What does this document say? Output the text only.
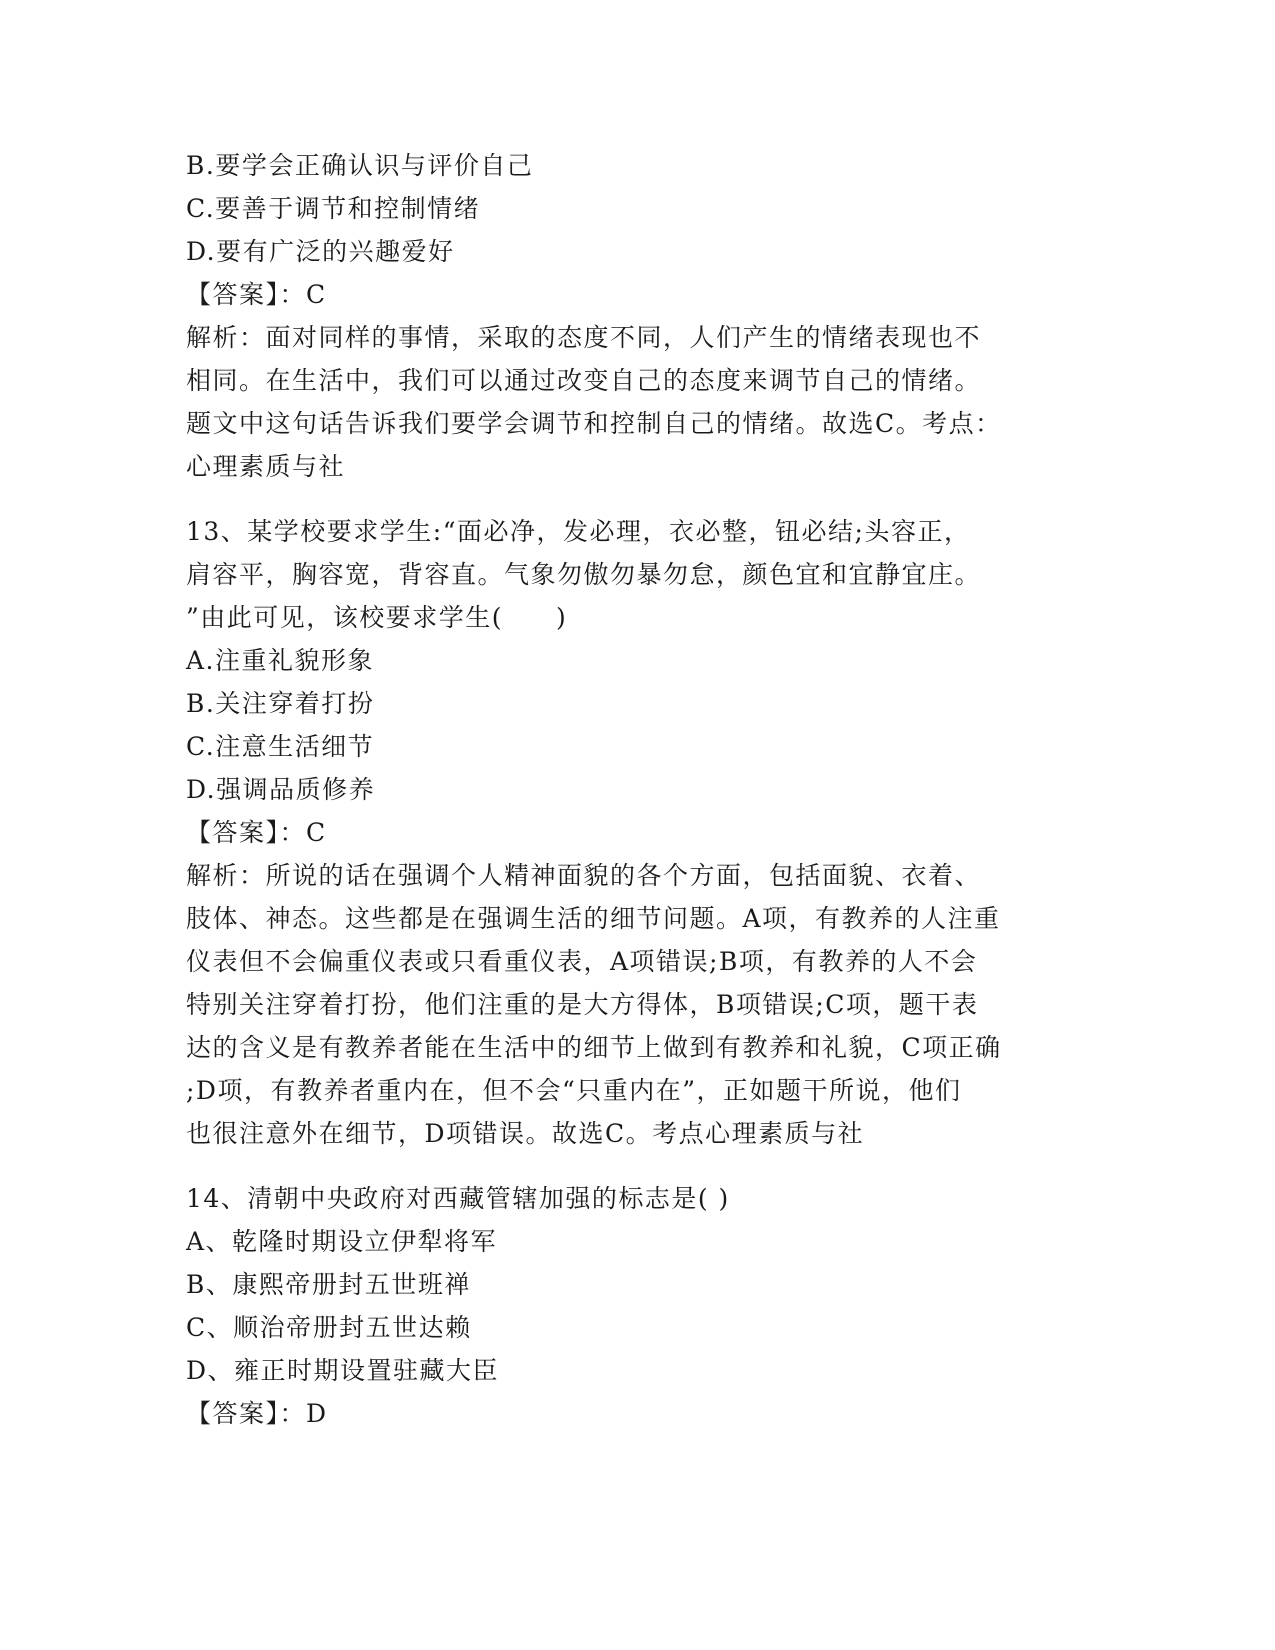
B.要学会正确认识与评价自己
C.要善于调节和控制情绪
D.要有广泛的兴趣爱好
【答案】：C
解析：面对同样的事情，采取的态度不同，人们产生的情绪表现也不
相同。在生活中，我们可以通过改变自己的态度来调节自己的情绪。
题文中这句话告诉我们要学会调节和控制自己的情绪。故选C。考点：
心理素质与社
13、某学校要求学生:“面必净，发必理，衣必整，钮必结;头容正，
肩容平，胸容宽，背容直。气象勿傲勿暴勿怠，颜色宜和宜静宜庄。
”由此可见，该校要求学生(　　)
A.注重礼貌形象
B.关注穿着打扮
C.注意生活细节
D.强调品质修养
【答案】：C
解析：所说的话在强调个人精神面貌的各个方面，包括面貌、衣着、
肢体、神态。这些都是在强调生活的细节问题。A项，有教养的人注重
仪表但不会偏重仪表或只看重仪表，A项错误;B项，有教养的人不会
特别关注穿着打扮，他们注重的是大方得体，B项错误;C项，题干表
达的含义是有教养者能在生活中的细节上做到有教养和礼貌，C项正确
;D项，有教养者重内在，但不会“只重内在”，正如题干所说，他们
也很注意外在细节，D项错误。故选C。考点心理素质与社
14、清朝中央政府对西藏管辖加强的标志是( )
A、乾隆时期设立伊犁将军
B、康熙帝册封五世班禅
C、顺治帝册封五世达赖
D、雍正时期设置驻藏大臣
【答案】：D
